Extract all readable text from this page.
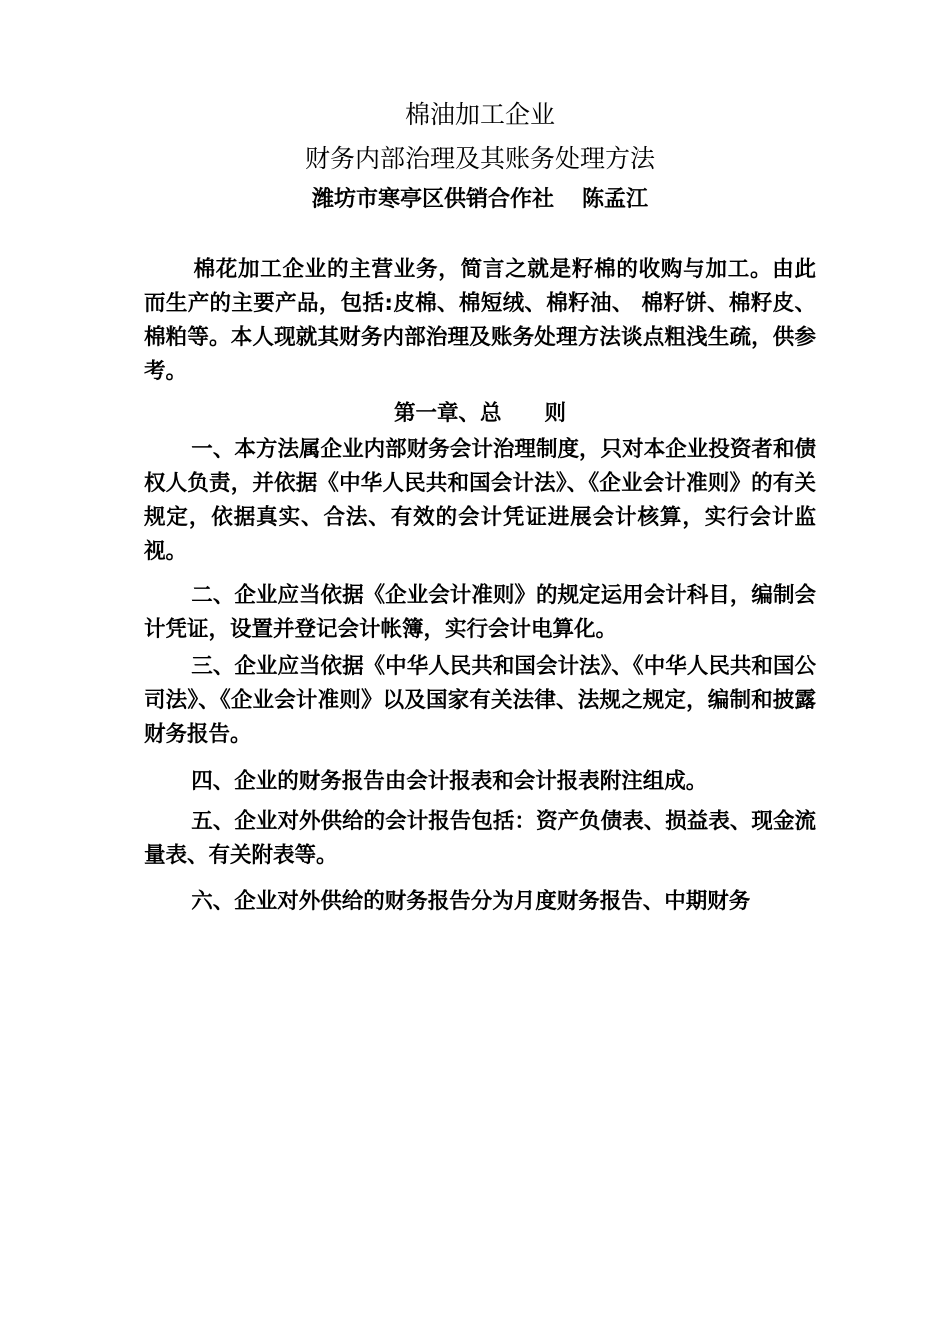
棉油加工企业
财务内部治理及其账务处理方法
潍坊市寒亭区供销合作社 陈孟江

棉花加工企业的主营业务，简言之就是籽棉的收购与加工。由此而生产的主要产品，包括:皮棉、棉短绒、棉籽油、 棉籽饼、棉籽皮、棉粕等。本人现就其财务内部治理及账务处理方法谈点粗浅生疏，供参考。

第一章、总　　则

一、本方法属企业内部财务会计治理制度，只对本企业投资者和债权人负责，并依据《中华人民共和国会计法》、《企业会计准则》的有关规定，依据真实、合法、有效的会计凭证进展会计核算，实行会计监视。

二、企业应当依据《企业会计准则》的规定运用会计科目，编制会计凭证，设置并登记会计帐簿，实行会计电算化。

三、企业应当依据《中华人民共和国会计法》、《中华人民共和国公司法》、《企业会计准则》以及国家有关法律、法规之规定，编制和披露财务报告。

四、企业的财务报告由会计报表和会计报表附注组成。

五、企业对外供给的会计报告包括：资产负债表、损益表、现金流量表、有关附表等。

六、企业对外供给的财务报告分为月度财务报告、中期财务
